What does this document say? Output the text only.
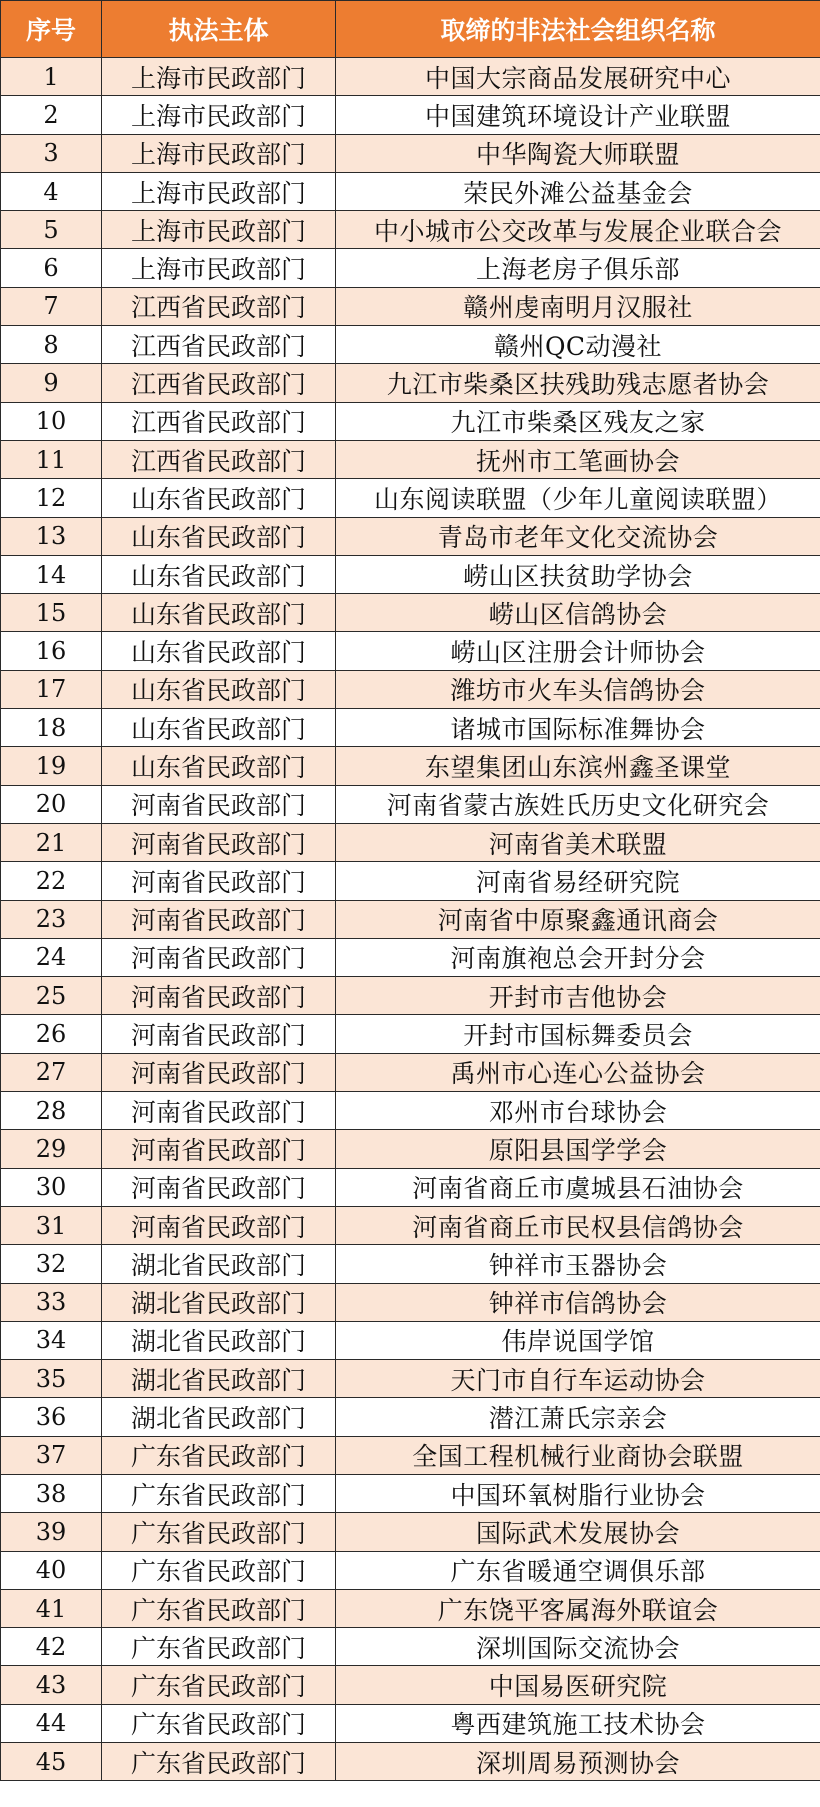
序号	执法主体	取缔的非法社会组织名称
1	上海市民政部门	中国大宗商品发展研究中心
2	上海市民政部门	中国建筑环境设计产业联盟
3	上海市民政部门	中华陶瓷大师联盟
4	上海市民政部门	荣民外滩公益基金会
5	上海市民政部门	中小城市公交改革与发展企业联合会
6	上海市民政部门	上海老房子俱乐部
7	江西省民政部门	赣州虔南明月汉服社
8	江西省民政部门	赣州QC动漫社
9	江西省民政部门	九江市柴桑区扶残助残志愿者协会
10	江西省民政部门	九江市柴桑区残友之家
11	江西省民政部门	抚州市工笔画协会
12	山东省民政部门	山东阅读联盟（少年儿童阅读联盟）
13	山东省民政部门	青岛市老年文化交流协会
14	山东省民政部门	崂山区扶贫助学协会
15	山东省民政部门	崂山区信鸽协会
16	山东省民政部门	崂山区注册会计师协会
17	山东省民政部门	潍坊市火车头信鸽协会
18	山东省民政部门	诸城市国际标准舞协会
19	山东省民政部门	东望集团山东滨州鑫圣课堂
20	河南省民政部门	河南省蒙古族姓氏历史文化研究会
21	河南省民政部门	河南省美术联盟
22	河南省民政部门	河南省易经研究院
23	河南省民政部门	河南省中原聚鑫通讯商会
24	河南省民政部门	河南旗袍总会开封分会
25	河南省民政部门	开封市吉他协会
26	河南省民政部门	开封市国标舞委员会
27	河南省民政部门	禹州市心连心公益协会
28	河南省民政部门	邓州市台球协会
29	河南省民政部门	原阳县国学学会
30	河南省民政部门	河南省商丘市虞城县石油协会
31	河南省民政部门	河南省商丘市民权县信鸽协会
32	湖北省民政部门	钟祥市玉器协会
33	湖北省民政部门	钟祥市信鸽协会
34	湖北省民政部门	伟岸说国学馆
35	湖北省民政部门	天门市自行车运动协会
36	湖北省民政部门	潜江萧氏宗亲会
37	广东省民政部门	全国工程机械行业商协会联盟
38	广东省民政部门	中国环氧树脂行业协会
39	广东省民政部门	国际武术发展协会
40	广东省民政部门	广东省暖通空调俱乐部
41	广东省民政部门	广东饶平客属海外联谊会
42	广东省民政部门	深圳国际交流协会
43	广东省民政部门	中国易医研究院
44	广东省民政部门	粤西建筑施工技术协会
45	广东省民政部门	深圳周易预测协会
